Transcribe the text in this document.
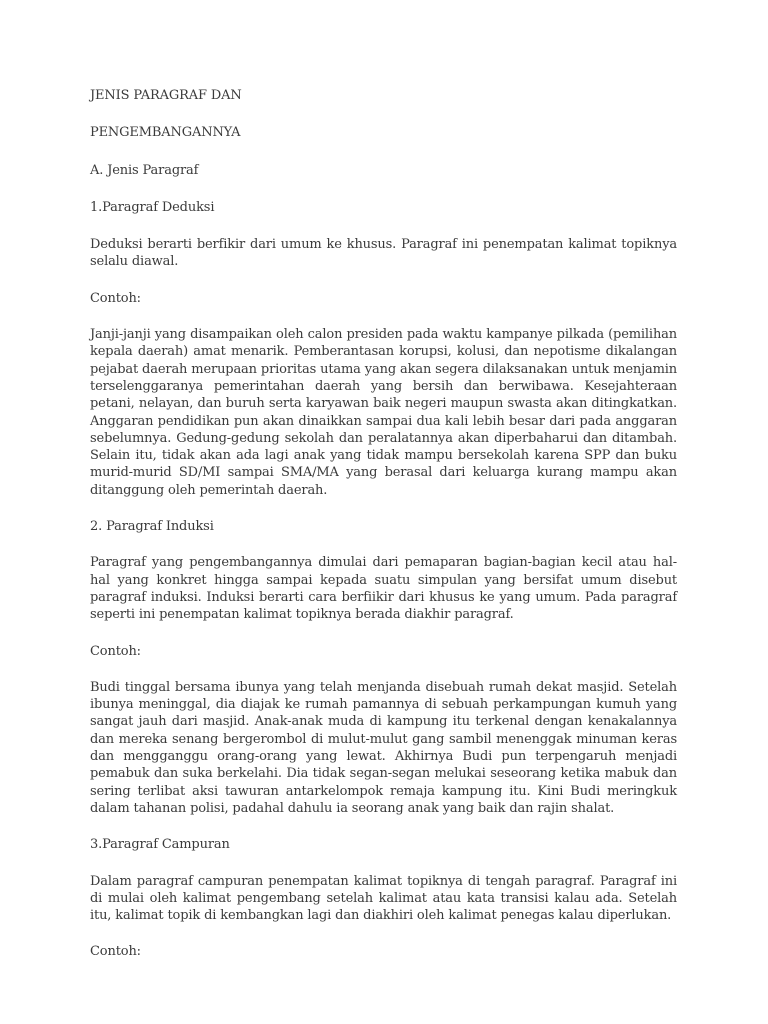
JENIS PARAGRAF DAN

PENGEMBANGANNYA

A. Jenis Paragraf

1.Paragraf Deduksi

Deduksi berarti berfikir dari umum ke khusus. Paragraf ini penempatan kalimat topiknya selalu diawal.

Contoh:

Janji-janji yang disampaikan oleh calon presiden pada waktu kampanye pilkada (pemilihan kepala daerah) amat menarik. Pemberantasan korupsi, kolusi, dan nepotisme dikalangan pejabat daerah merupaan prioritas utama yang akan segera dilaksanakan untuk menjamin terselenggaranya pemerintahan daerah yang bersih dan berwibawa. Kesejahteraan petani, nelayan, dan buruh serta karyawan baik negeri maupun swasta akan ditingkatkan. Anggaran pendidikan pun akan dinaikkan sampai dua kali lebih besar dari pada anggaran sebelumnya. Gedung-gedung sekolah dan peralatannya akan diperbaharui dan ditambah. Selain itu, tidak akan ada lagi anak yang tidak mampu bersekolah karena SPP dan buku murid-murid SD/MI sampai SMA/MA yang berasal dari keluarga kurang mampu akan ditanggung oleh pemerintah daerah.

2. Paragraf Induksi

Paragraf yang pengembangannya dimulai dari pemaparan bagian-bagian kecil atau hal-hal yang konkret hingga sampai kepada suatu simpulan yang bersifat umum disebut paragraf induksi. Induksi berarti cara berfiikir dari khusus ke yang umum. Pada paragraf seperti ini penempatan kalimat topiknya berada diakhir paragraf.

Contoh:

Budi tinggal bersama ibunya yang telah menjanda disebuah rumah dekat masjid. Setelah ibunya meninggal, dia diajak ke rumah pamannya di sebuah perkampungan kumuh yang sangat jauh dari masjid. Anak-anak muda di kampung itu terkenal dengan kenakalannya dan mereka senang bergerombol di mulut-mulut gang sambil menenggak minuman keras dan mengganggu orang-orang yang lewat. Akhirnya Budi pun terpengaruh menjadi pemabuk dan suka berkelahi. Dia tidak segan-segan melukai seseorang ketika mabuk dan sering terlibat aksi tawuran antarkelompok remaja kampung itu. Kini Budi meringkuk dalam tahanan polisi, padahal dahulu ia seorang anak yang baik dan rajin shalat.

3.Paragraf Campuran

Dalam paragraf campuran penempatan kalimat topiknya di tengah paragraf. Paragraf ini di mulai oleh kalimat pengembang setelah kalimat atau kata transisi kalau ada. Setelah itu, kalimat topik di kembangkan lagi dan diakhiri oleh kalimat penegas kalau diperlukan.

Contoh:
